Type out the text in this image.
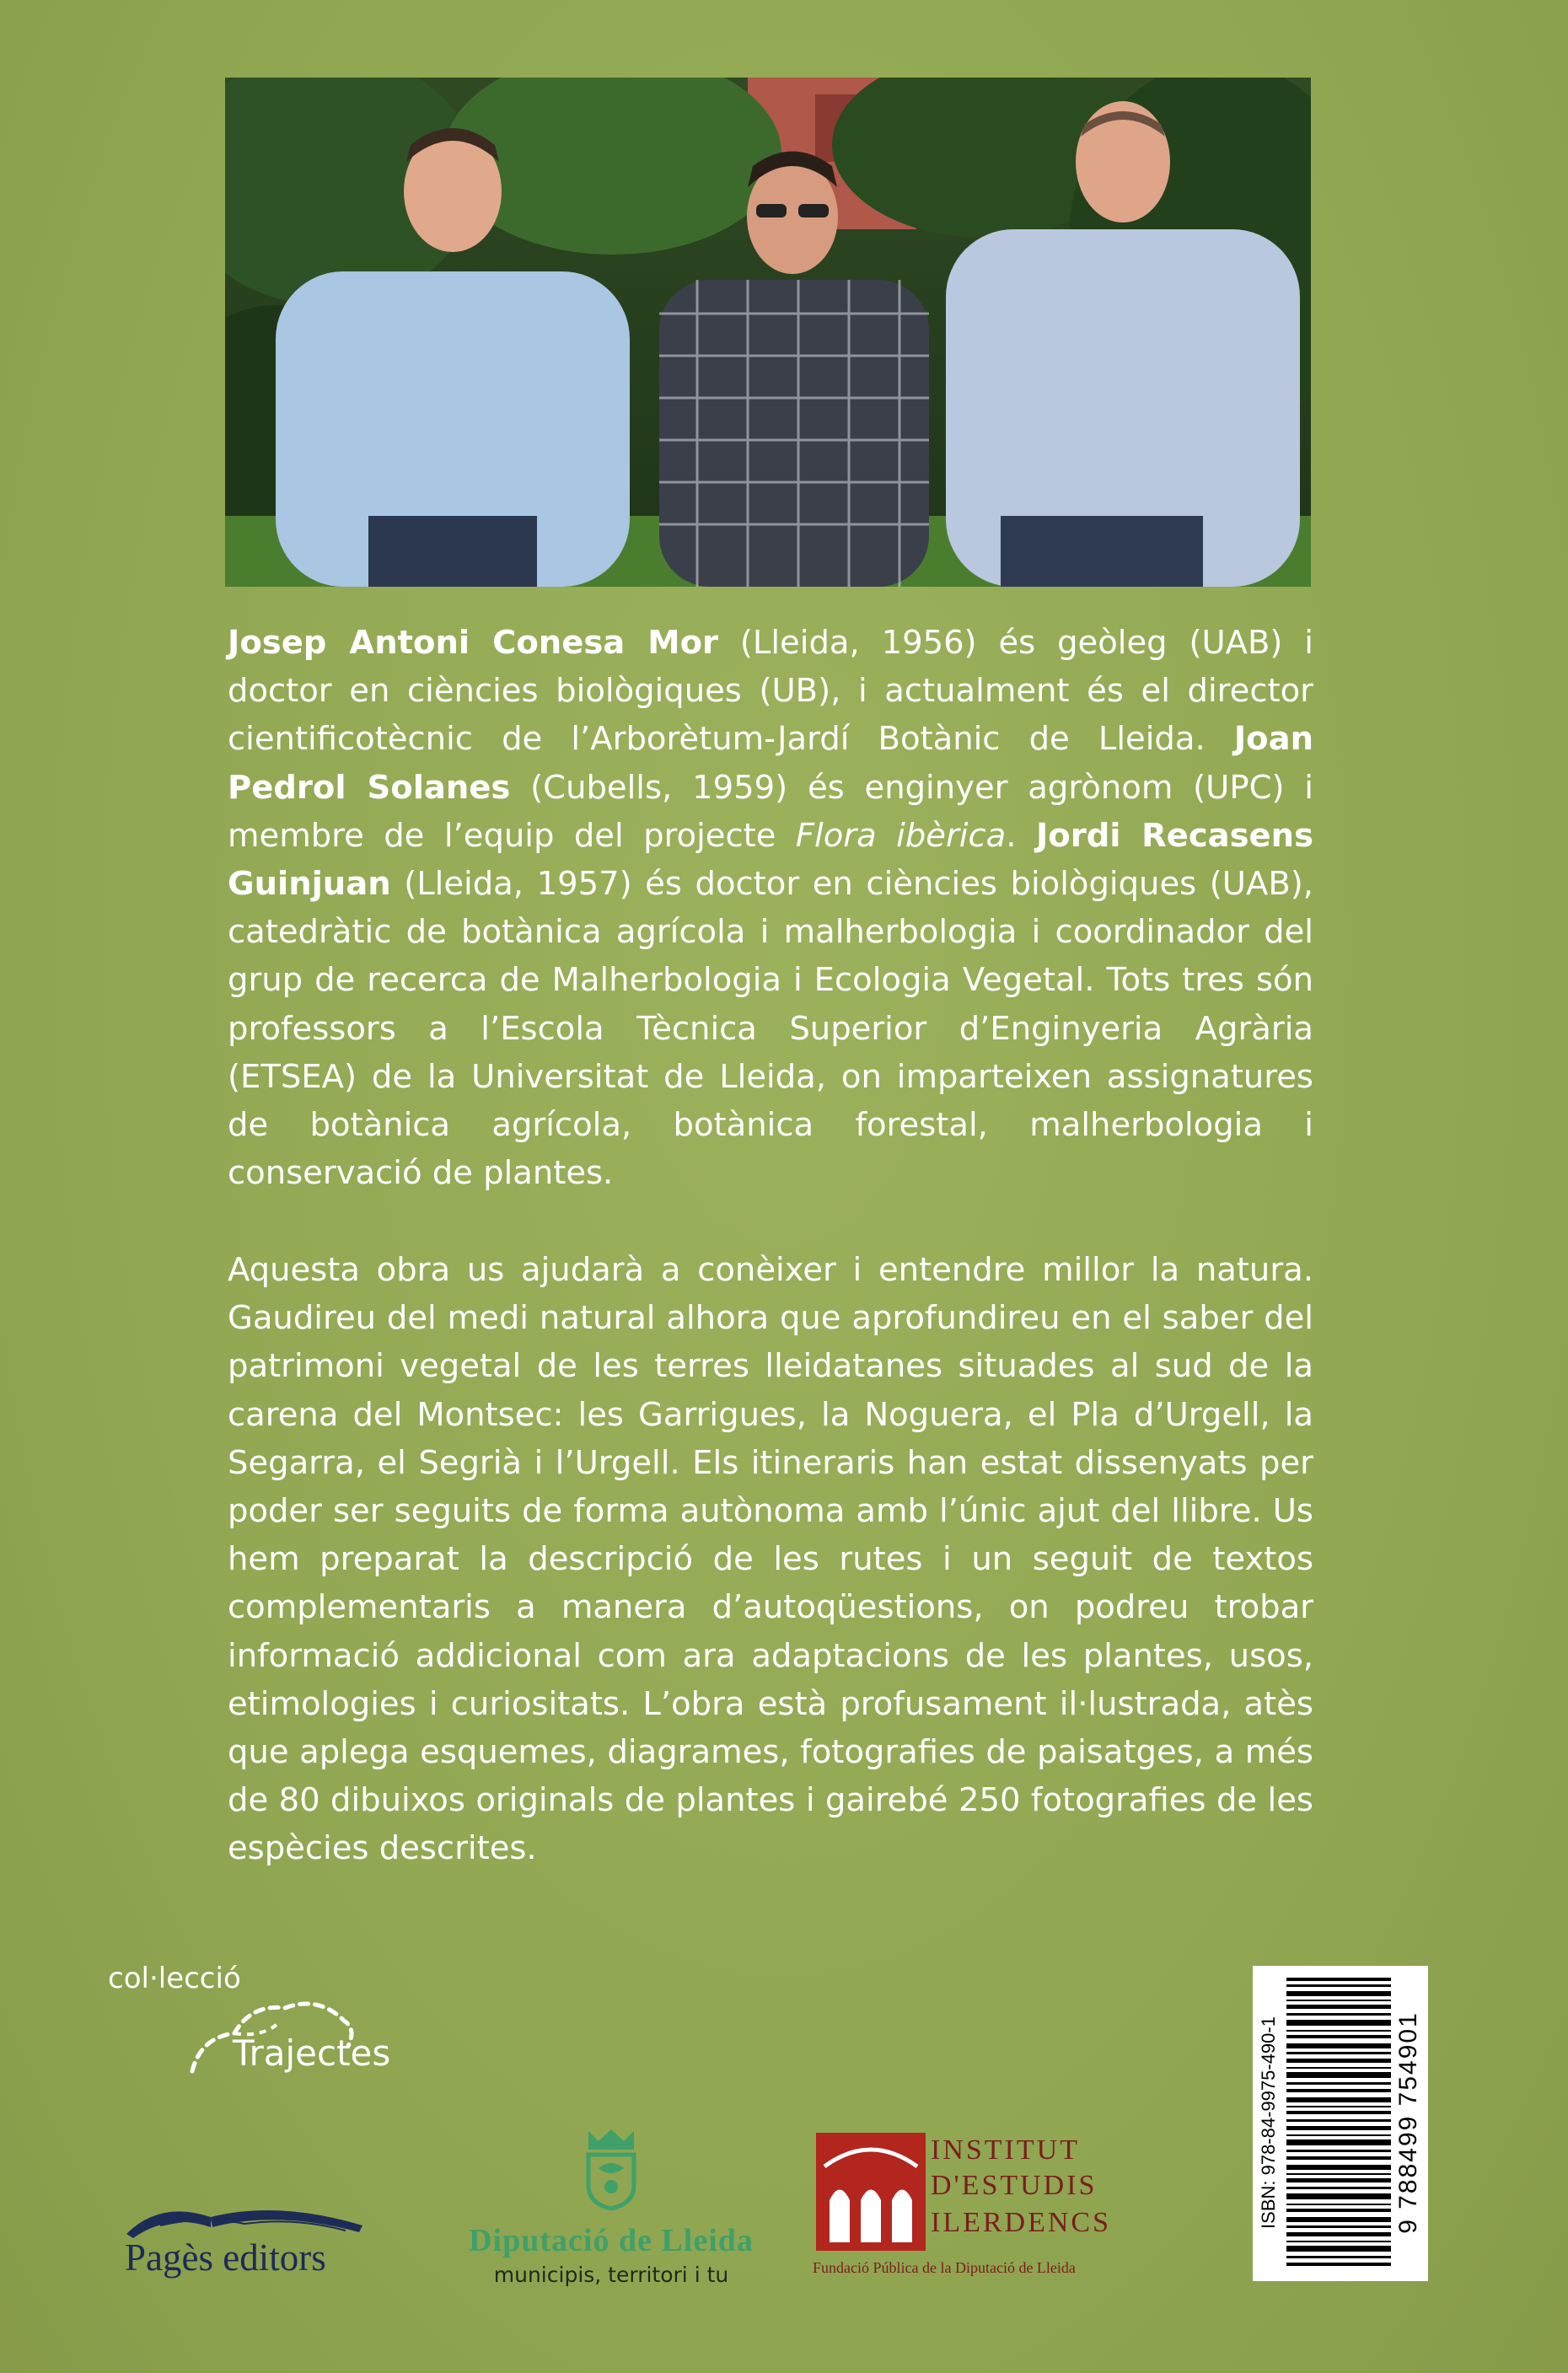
Josep Antoni Conesa Mor (Lleida, 1956) és geòleg (UAB) i doctor en ciències biològiques (UB), i actualment és el director cientificotècnic de l’Arborètum-Jardí Botànic de Lleida. Joan Pedrol Solanes (Cubells, 1959) és enginyer agrònom (UPC) i membre de l’equip del projecte Flora ibèrica. Jordi Recasens Guinjuan (Lleida, 1957) és doctor en ciències biològiques (UAB), catedràtic de botànica agrícola i malherbologia i coordinador del grup de recerca de Malherbologia i Ecologia Vegetal. Tots tres són professors a l’Escola Tècnica Superior d’Enginyeria Agrària (ETSEA) de la Universitat de Lleida, on imparteixen assignatures de botànica agrícola, botànica forestal, malherbologia i conservació de plantes.
Aquesta obra us ajudarà a conèixer i entendre millor la natura. Gaudireu del medi natural alhora que aprofundireu en el saber del patrimoni vegetal de les terres lleidatanes situades al sud de la carena del Montsec: les Garrigues, la Noguera, el Pla d’Urgell, la Segarra, el Segrià i l’Urgell. Els itineraris han estat dissenyats per poder ser seguits de forma autònoma amb l’únic ajut del llibre. Us hem preparat la descripció de les rutes i un seguit de textos complementaris a manera d’autoqüestions, on podreu trobar informació addicional com ara adaptacions de les plantes, usos, etimologies i curiositats. L’obra està profusament il·lustrada, atès que aplega esquemes, diagrames, fotografies de paisatges, a més de 80 dibuixos originals de plantes i gairebé 250 fotografies de les espècies descrites.
col·lecció
Trajectes	ISBN: 978-84-9975-490-1	9 788499 754901
Pagès editors	Diputació de Lleida
municipis, territori i tu
INSTITUT
D'ESTUDIS
ILERDENCS
Fundació Pública de la Diputació de Lleida
